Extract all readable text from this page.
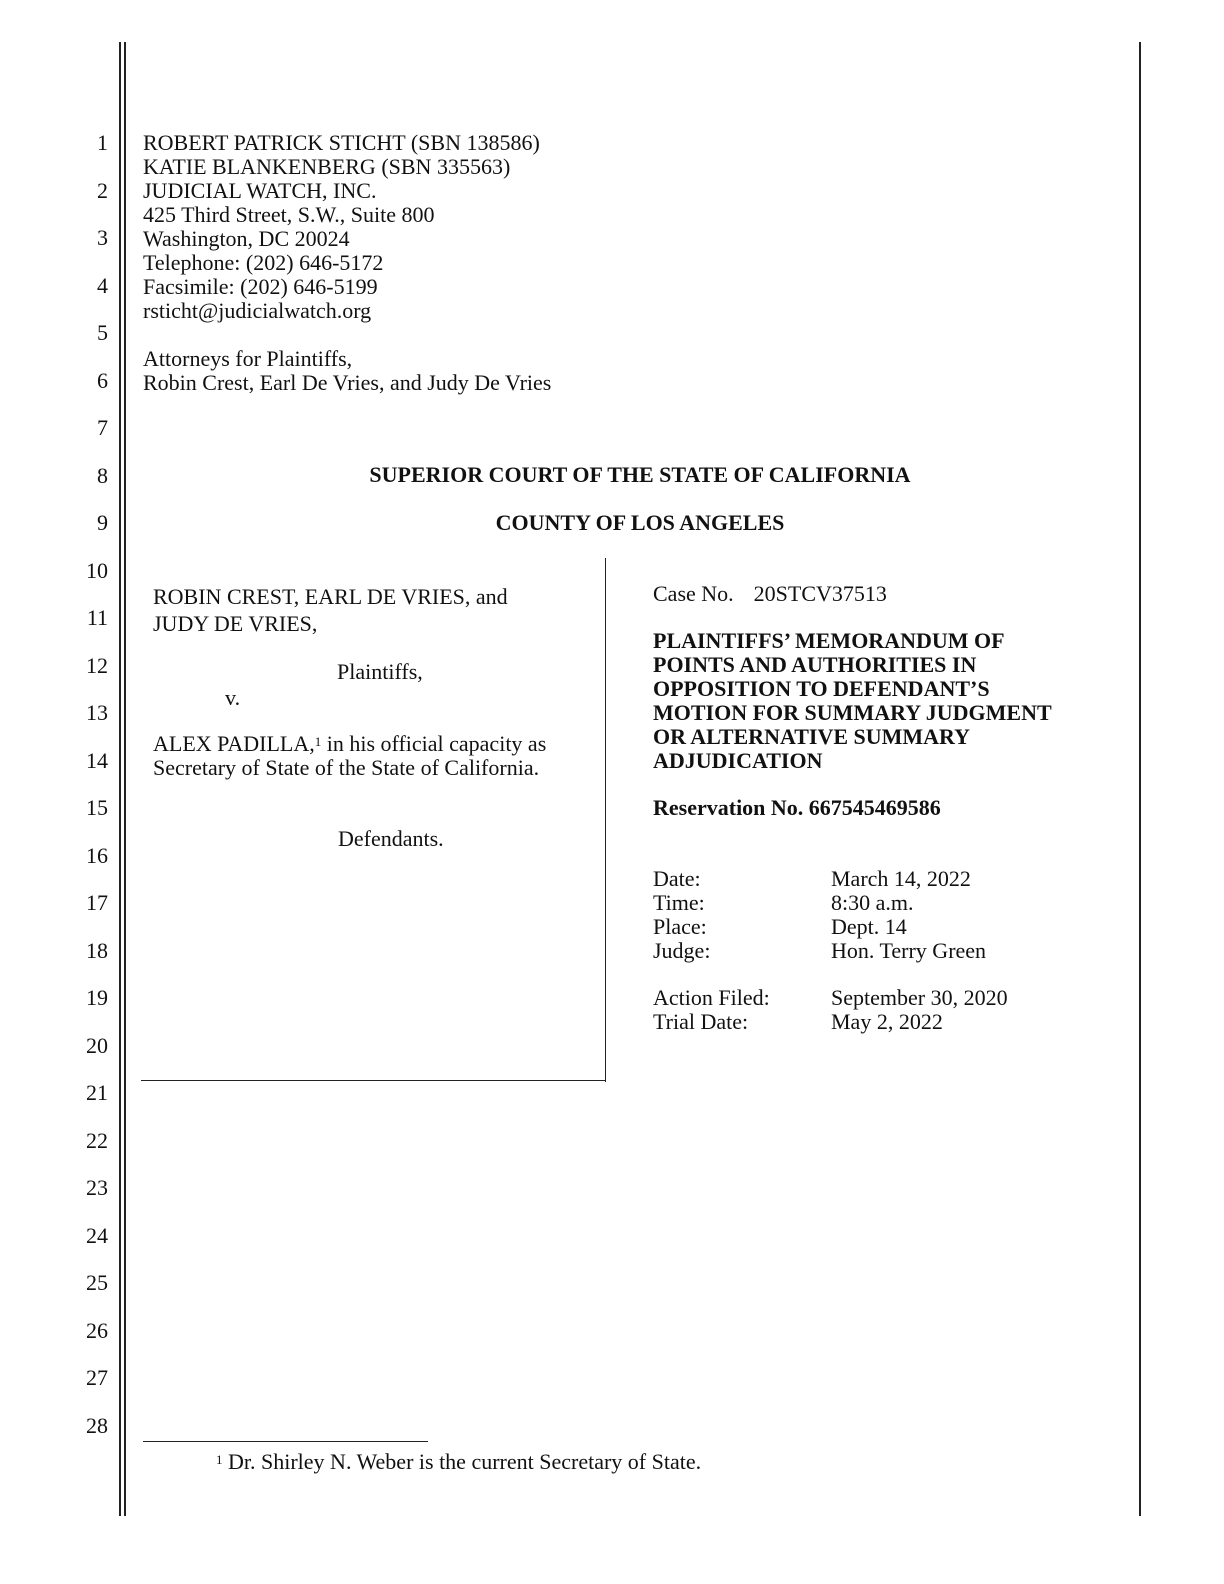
1
2
3
4
5
6
7
8
9
10
11
12
13
14
15
16
17
18
19
20
21
22
23
24
25
26
27
28
ROBERT PATRICK STICHT (SBN 138586)
KATIE BLANKENBERG (SBN 335563)
JUDICIAL WATCH, INC.
425 Third Street, S.W., Suite 800
Washington, DC 20024
Telephone: (202) 646-5172
Facsimile: (202) 646-5199
rsticht@judicialwatch.org
Attorneys for Plaintiffs,
Robin Crest, Earl De Vries, and Judy De Vries
SUPERIOR COURT OF THE STATE OF CALIFORNIA
COUNTY OF LOS ANGELES
ROBIN CREST, EARL DE VRIES, and
JUDY DE VRIES,
Plaintiffs,
v.
ALEX PADILLA,$^1$ in his official capacity as
Secretary of State of the State of California.
Defendants.
Case No. 20STCV37513
PLAINTIFFS’ MEMORANDUM OF
POINTS AND AUTHORITIES IN
OPPOSITION TO DEFENDANT’S
MOTION FOR SUMMARY JUDGMENT
OR ALTERNATIVE SUMMARY
ADJUDICATION
Reservation No. 667545469586
Date:	March 14, 2022
Time:	8:30 a.m.
Place:	Dept. 14
Judge:	Hon. Terry Green
Action Filed:	September 30, 2020
Trial Date:	May 2, 2022
$^1$ Dr. Shirley N. Weber is the current Secretary of State.
